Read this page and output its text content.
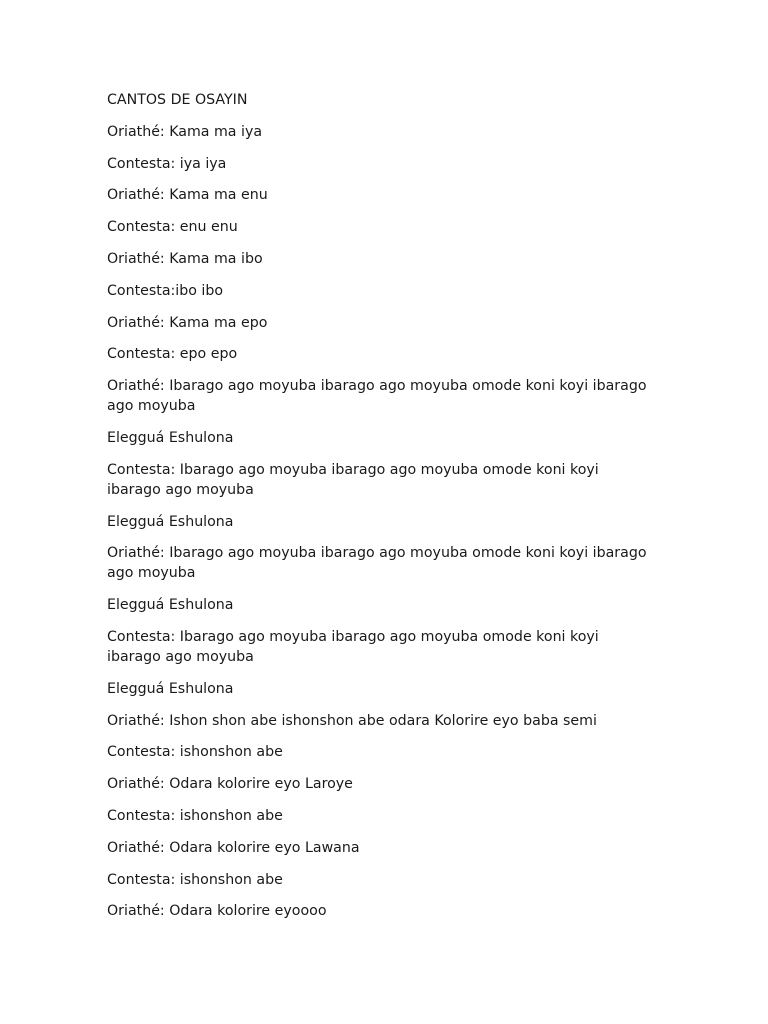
CANTOS DE OSAYIN
Oriathé: Kama ma iya
Contesta: iya iya
Oriathé: Kama ma enu
Contesta: enu enu
Oriathé: Kama ma ibo
Contesta:ibo ibo
Oriathé: Kama ma epo
Contesta: epo epo
Oriathé: Ibarago ago moyuba ibarago ago moyuba omode koni koyi ibarago ago moyuba
Elegguá Eshulona
Contesta: Ibarago ago moyuba ibarago ago moyuba omode koni koyi ibarago ago moyuba
Elegguá Eshulona
Oriathé: Ibarago ago moyuba ibarago ago moyuba omode koni koyi ibarago ago moyuba
Elegguá Eshulona
Contesta: Ibarago ago moyuba ibarago ago moyuba omode koni koyi ibarago ago moyuba
Elegguá Eshulona
Oriathé: Ishon shon abe ishonshon abe odara Kolorire eyo baba semi
Contesta: ishonshon abe
Oriathé: Odara kolorire eyo Laroye
Contesta: ishonshon abe
Oriathé: Odara kolorire eyo Lawana
Contesta: ishonshon abe
Oriathé: Odara kolorire eyoooo
